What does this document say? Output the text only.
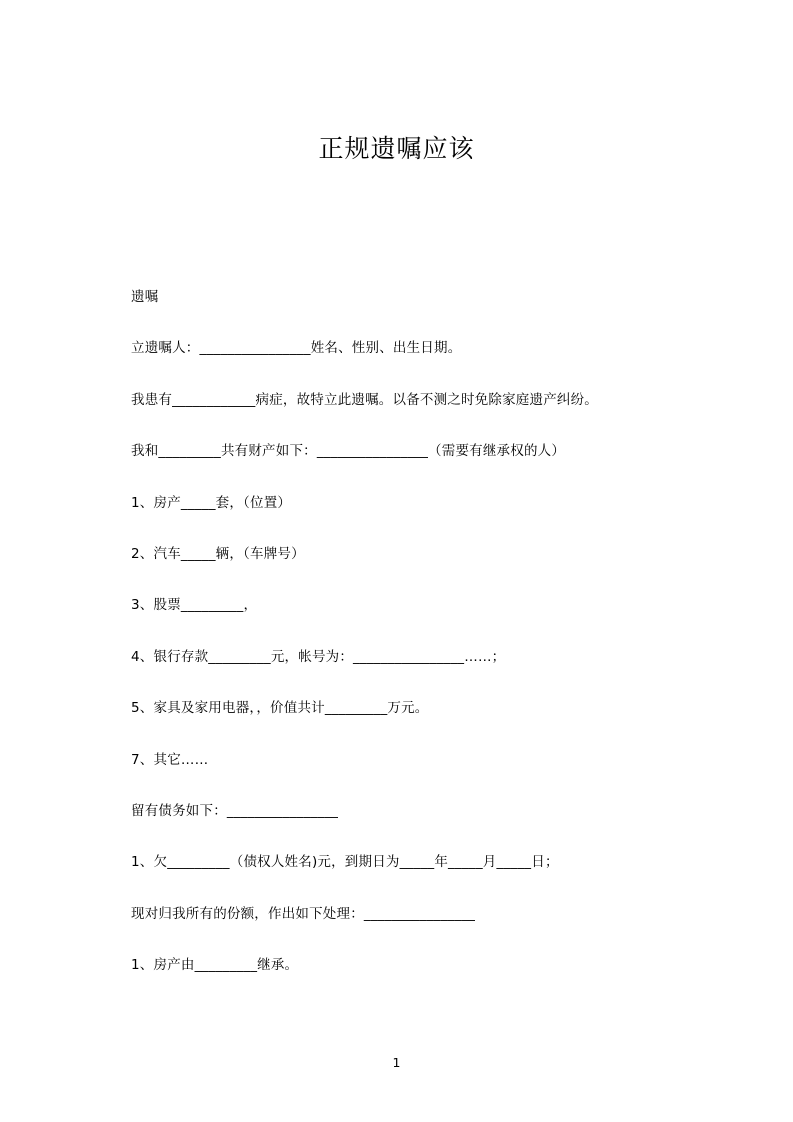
正规遗嘱应该

遗嘱

立遗嘱人：________________姓名、性别、出生日期。

我患有____________病症，故特立此遗嘱。以备不测之时免除家庭遗产纠纷。

我和_________共有财产如下：________________（需要有继承权的人）

1、房产_____套，（位置）

2、汽车_____辆，（车牌号）

3、股票_________，

4、银行存款_________元，帐号为：________________……；

5、家具及家用电器，，价值共计_________万元。

7、其它……

留有债务如下：________________

1、欠_________（债权人姓名)元，到期日为_____年_____月_____日；

现对归我所有的份额，作出如下处理：________________

1、房产由_________继承。

1
